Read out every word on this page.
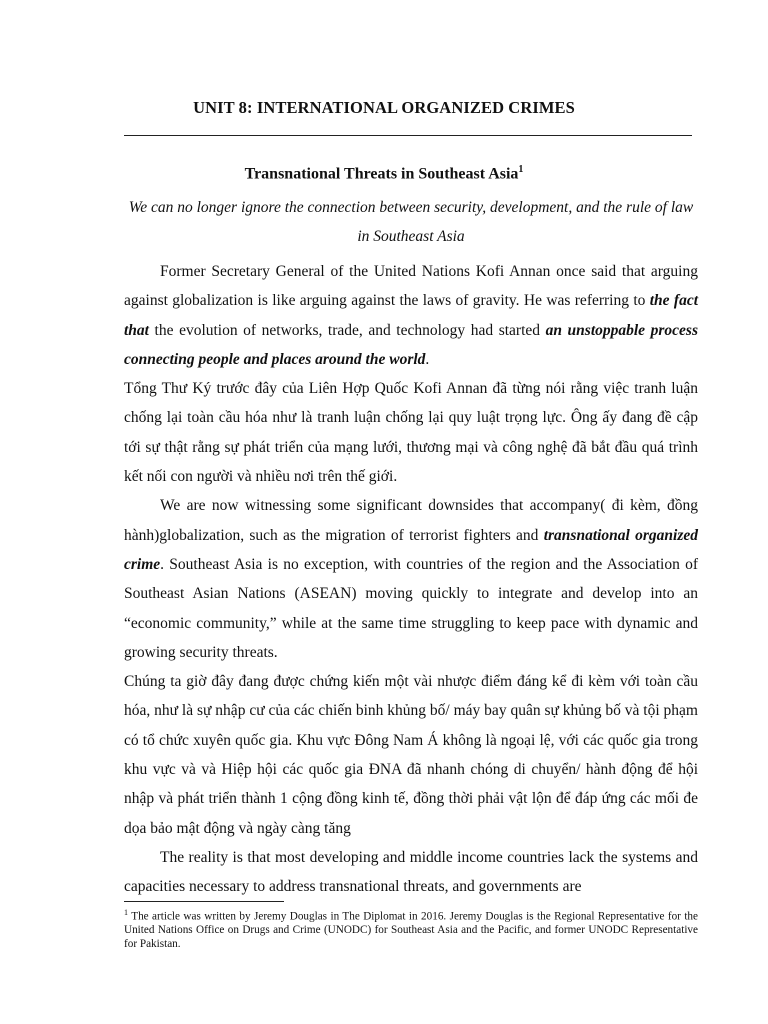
UNIT 8: INTERNATIONAL ORGANIZED CRIMES
Transnational Threats in Southeast Asia$^1$
We can no longer ignore the connection between security, development, and the rule of law in Southeast Asia

Former Secretary General of the United Nations Kofi Annan once said that arguing against globalization is like arguing against the laws of gravity. He was referring to the fact that the evolution of networks, trade, and technology had started an unstoppable process connecting people and places around the world.

Tổng Thư Ký trước đây của Liên Hợp Quốc Kofi Annan đã từng nói rằng việc tranh luận chống lại toàn cầu hóa như là tranh luận chống lại quy luật trọng lực. Ông ấy đang đề cập tới sự thật rằng sự phát triển của mạng lưới, thương mại và công nghệ đã bắt đầu quá trình kết nối con người và nhiều nơi trên thế giới.

We are now witnessing some significant downsides that accompany( đi kèm, đồng hành)globalization, such as the migration of terrorist fighters and transnational organized crime. Southeast Asia is no exception, with countries of the region and the Association of Southeast Asian Nations (ASEAN) moving quickly to integrate and develop into an “economic community,” while at the same time struggling to keep pace with dynamic and growing security threats.

Chúng ta giờ đây đang được chứng kiến một vài nhược điểm đáng kể đi kèm với toàn cầu hóa, như là sự nhập cư của các chiến binh khủng bố/ máy bay quân sự khủng bố và tội phạm có tổ chức xuyên quốc gia. Khu vực Đông Nam Á không là ngoại lệ, với các quốc gia trong khu vực và và Hiệp hội các quốc gia ĐNA đã nhanh chóng di chuyển/ hành động để hội nhập và phát triển thành 1 cộng đồng kinh tế, đồng thời phải vật lộn để đáp ứng các mối đe dọa bảo mật động và ngày càng tăng

The reality is that most developing and middle income countries lack the systems and capacities necessary to address transnational threats, and governments are

$^1$ The article was written by Jeremy Douglas in The Diplomat in 2016. Jeremy Douglas is the Regional Representative for the United Nations Office on Drugs and Crime (UNODC) for Southeast Asia and the Pacific, and former UNODC Representative for Pakistan.
